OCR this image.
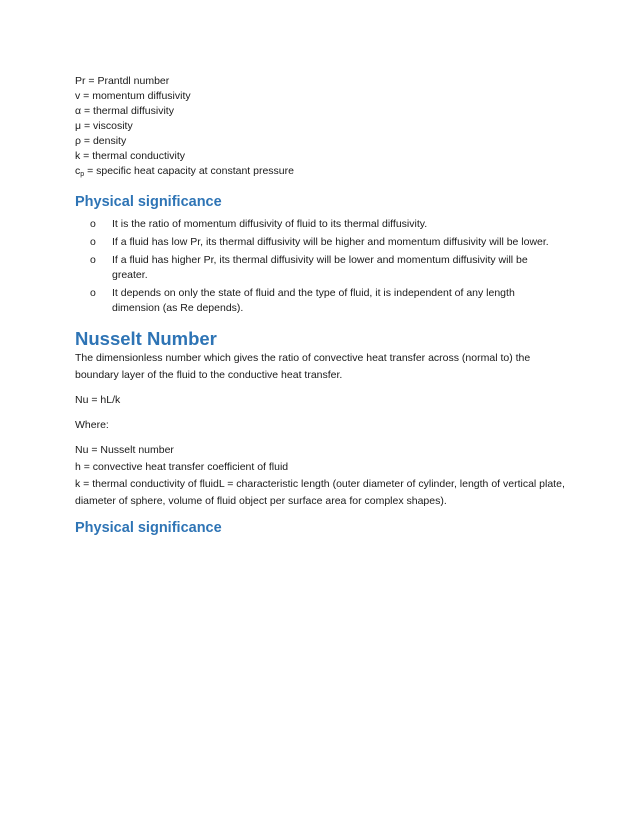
Pr = Prantdl number

v = momentum diffusivity

α = thermal diffusivity

μ = viscosity

ρ = density

k = thermal conductivity

$c_p$ = specific heat capacity at constant pressure

Physical significance
o It is the ratio of momentum diffusivity of fluid to its thermal diffusivity.
o If a fluid has low Pr, its thermal diffusivity will be higher and momentum diffusivity will be lower.
o If a fluid has higher Pr, its thermal diffusivity will be lower and momentum diffusivity will be greater.
o It depends on only the state of fluid and the type of fluid, it is independent of any length dimension (as Re depends).
Nusselt Number

The dimensionless number which gives the ratio of convective heat transfer across (normal to) the boundary layer of the fluid to the conductive heat transfer.

Nu = hL/k

Where:

Nu = Nusselt number

h = convective heat transfer coefficient of fluid

k = thermal conductivity of fluidL = characteristic length (outer diameter of cylinder, length of vertical plate, diameter of sphere, volume of fluid object per surface area for complex shapes).

Physical significance
